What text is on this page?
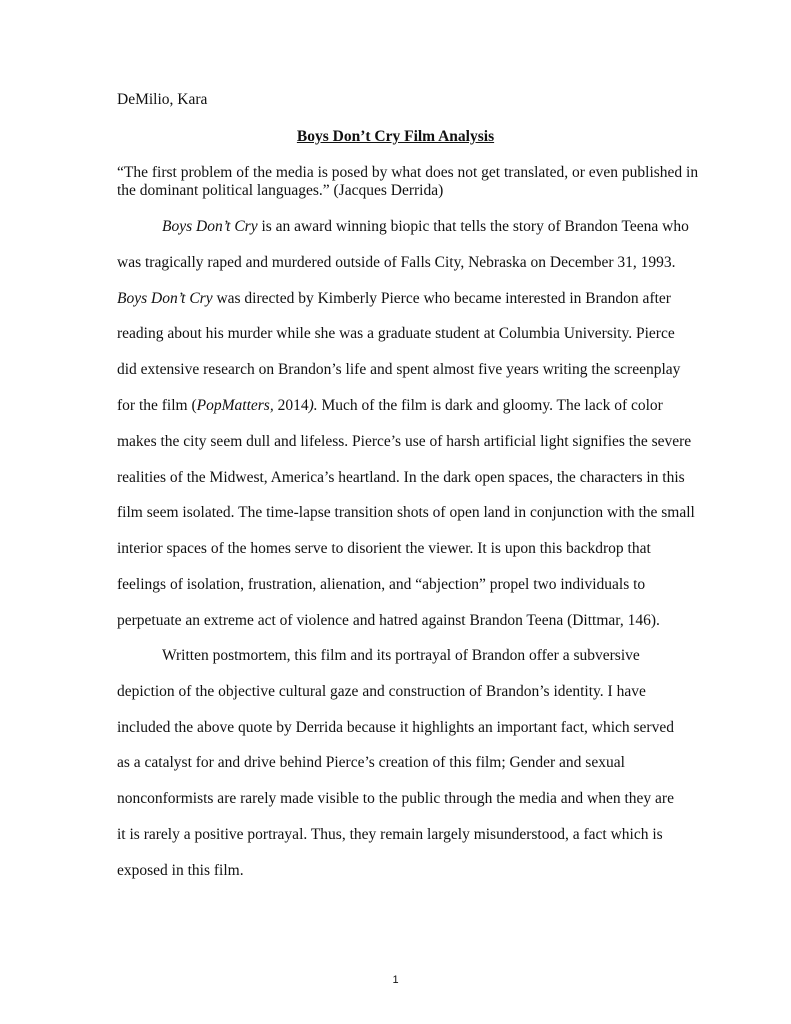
DeMilio, Kara
Boys Don’t Cry Film Analysis
“The first problem of the media is posed by what does not get translated, or even published in
the dominant political languages.” (Jacques Derrida)
Boys Don’t Cry is an award winning biopic that tells the story of Brandon Teena who
was tragically raped and murdered outside of Falls City, Nebraska on December 31, 1993.
Boys Don’t Cry was directed by Kimberly Pierce who became interested in Brandon after
reading about his murder while she was a graduate student at Columbia University. Pierce
did extensive research on Brandon’s life and spent almost five years writing the screenplay
for the film (PopMatters, 2014). Much of the film is dark and gloomy. The lack of color
makes the city seem dull and lifeless. Pierce’s use of harsh artificial light signifies the severe
realities of the Midwest, America’s heartland. In the dark open spaces, the characters in this
film seem isolated. The time-lapse transition shots of open land in conjunction with the small
interior spaces of the homes serve to disorient the viewer. It is upon this backdrop that
feelings of isolation, frustration, alienation, and “abjection” propel two individuals to
perpetuate an extreme act of violence and hatred against Brandon Teena (Dittmar, 146).
Written postmortem, this film and its portrayal of Brandon offer a subversive
depiction of the objective cultural gaze and construction of Brandon’s identity. I have
included the above quote by Derrida because it highlights an important fact, which served
as a catalyst for and drive behind Pierce’s creation of this film; Gender and sexual
nonconformists are rarely made visible to the public through the media and when they are
it is rarely a positive portrayal. Thus, they remain largely misunderstood, a fact which is
exposed in this film.
1
